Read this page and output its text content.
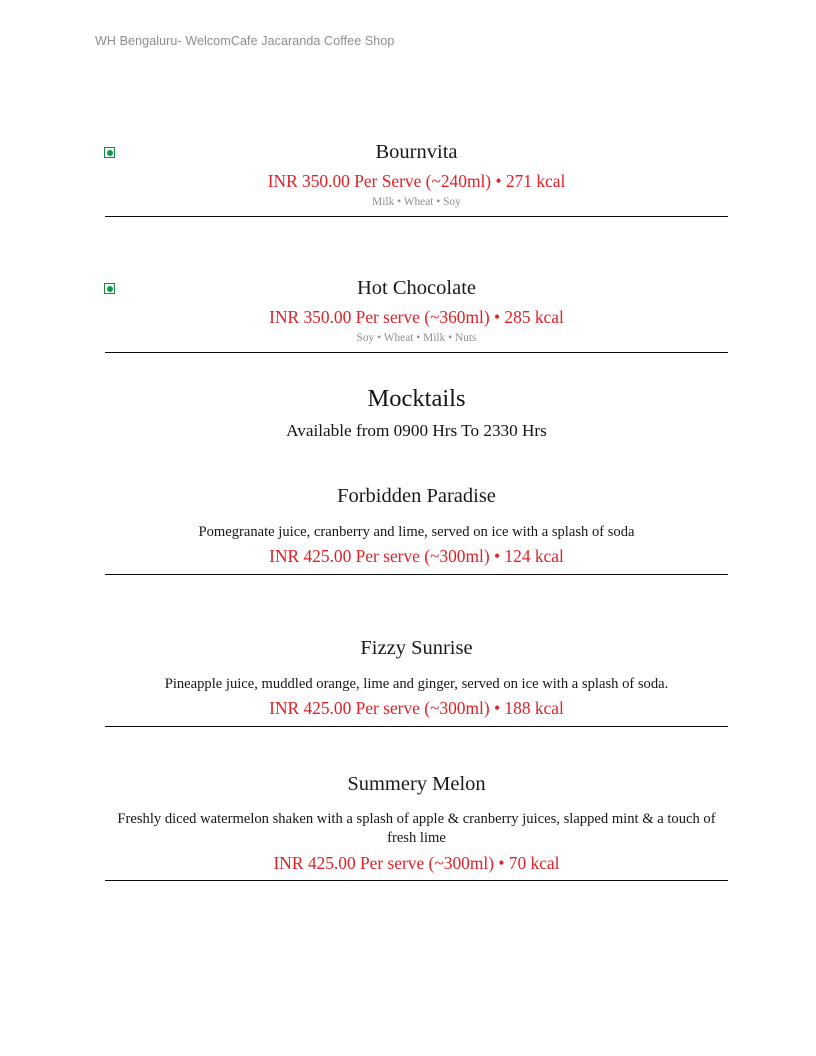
WH Bengaluru- WelcomCafe Jacaranda Coffee Shop
Bournvita
INR 350.00 Per Serve (~240ml) • 271 kcal
Milk • Wheat • Soy
Hot Chocolate
INR 350.00 Per serve (~360ml) • 285 kcal
Soy • Wheat • Milk • Nuts
Mocktails
Available from 0900 Hrs To 2330 Hrs
Forbidden Paradise
Pomegranate juice, cranberry and lime, served on ice with a splash of soda
INR 425.00 Per serve (~300ml) • 124 kcal
Fizzy Sunrise
Pineapple juice, muddled orange, lime and ginger, served on ice with a splash of soda.
INR 425.00 Per serve (~300ml) • 188 kcal
Summery Melon
Freshly diced watermelon shaken with a splash of apple & cranberry juices, slapped mint & a touch of fresh lime
INR 425.00 Per serve (~300ml) • 70 kcal
